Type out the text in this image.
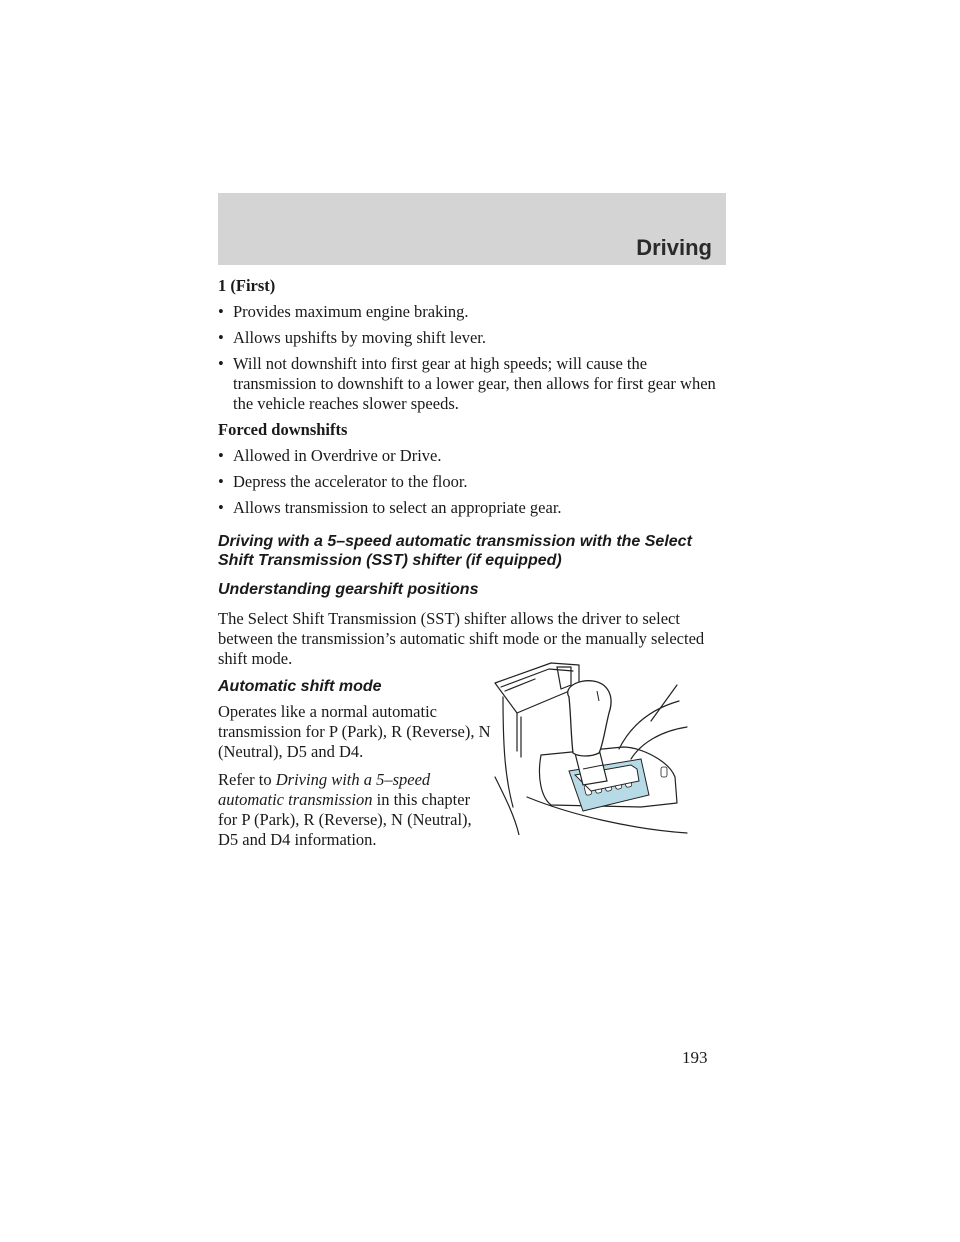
Driving

1 (First)

• Provides maximum engine braking.
• Allows upshifts by moving shift lever.
• Will not downshift into first gear at high speeds; will cause the transmission to downshift to a lower gear, then allows for first gear when the vehicle reaches slower speeds.

Forced downshifts

• Allowed in Overdrive or Drive.
• Depress the accelerator to the floor.
• Allows transmission to select an appropriate gear.

Driving with a 5–speed automatic transmission with the Select Shift Transmission (SST) shifter (if equipped)

Understanding gearshift positions

The Select Shift Transmission (SST) shifter allows the driver to select between the transmission’s automatic shift mode or the manually selected shift mode.

Automatic shift mode

Operates like a normal automatic transmission for P (Park), R (Reverse), N (Neutral), D5 and D4.

Refer to Driving with a 5–speed automatic transmission in this chapter for P (Park), R (Reverse), N (Neutral), D5 and D4 information.

193
